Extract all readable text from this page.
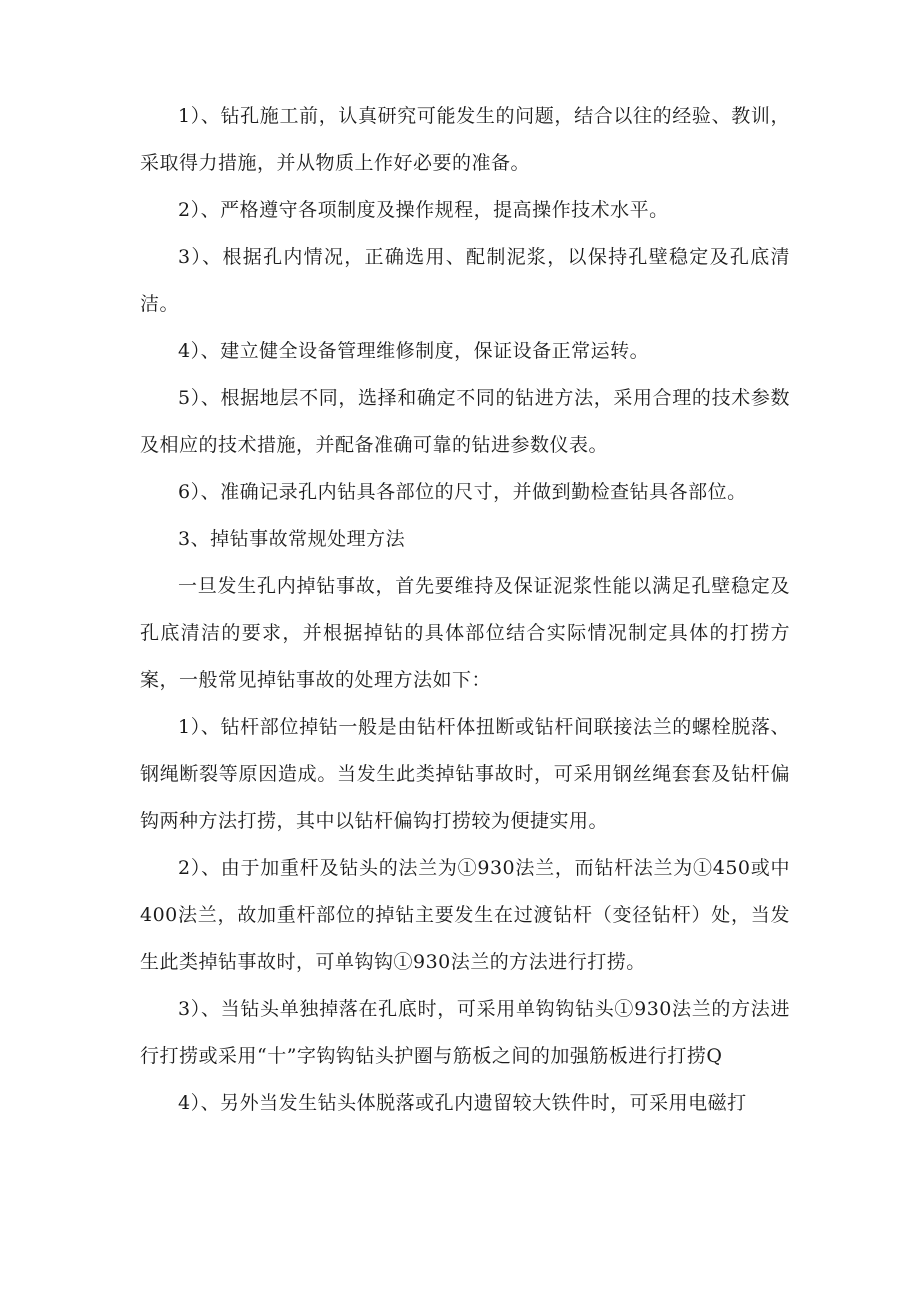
1）、钻孔施工前，认真研究可能发生的问题，结合以往的经验、教训，采取得力措施，并从物质上作好必要的准备。

2）、严格遵守各项制度及操作规程，提高操作技术水平。

3）、根据孔内情况，正确选用、配制泥浆，以保持孔壁稳定及孔底清洁。

4）、建立健全设备管理维修制度，保证设备正常运转。

5）、根据地层不同，选择和确定不同的钻进方法，采用合理的技术参数及相应的技术措施，并配备准确可靠的钻进参数仪表。

6）、准确记录孔内钻具各部位的尺寸，并做到勤检查钻具各部位。

3、掉钻事故常规处理方法

一旦发生孔内掉钻事故，首先要维持及保证泥浆性能以满足孔壁稳定及孔底清洁的要求，并根据掉钻的具体部位结合实际情况制定具体的打捞方案，一般常见掉钻事故的处理方法如下：

1）、钻杆部位掉钻一般是由钻杆体扭断或钻杆间联接法兰的螺栓脱落、钢绳断裂等原因造成。当发生此类掉钻事故时，可采用钢丝绳套套及钻杆偏钩两种方法打捞，其中以钻杆偏钩打捞较为便捷实用。

2）、由于加重杆及钻头的法兰为①930法兰，而钻杆法兰为①450或中400法兰，故加重杆部位的掉钻主要发生在过渡钻杆（变径钻杆）处，当发生此类掉钻事故时，可单钩钩①930法兰的方法进行打捞。

3）、当钻头单独掉落在孔底时，可采用单钩钩钻头①930法兰的方法进行打捞或采用“十”字钩钩钻头护圈与筋板之间的加强筋板进行打捞Q

4）、另外当发生钻头体脱落或孔内遗留较大铁件时，可采用电磁打
